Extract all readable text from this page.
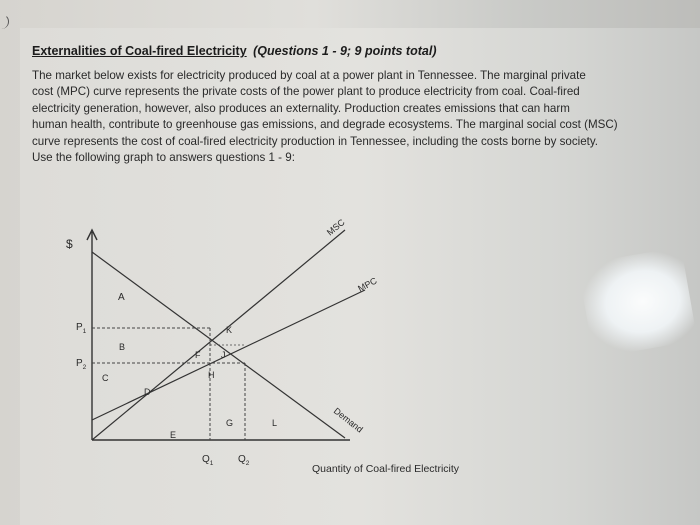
Externalities of Coal-fired Electricity (Questions 1 - 9; 9 points total)
The market below exists for electricity produced by coal at a power plant in Tennessee. The marginal private
cost (MPC) curve represents the private costs of the power plant to produce electricity from coal. Coal-fired
electricity generation, however, also produces an externality. Production creates emissions that can harm
human health, contribute to greenhouse gas emissions, and degrade ecosystems. The marginal social cost (MSC)
curve represents the cost of coal-fired electricity production in Tennessee, including the costs borne by society.
Use the following graph to answers questions 1 - 9:
$
Quantity of Coal-fired Electricity
MSC
MPC
Demand
$P_1$
$P_2$
$Q_1$ $Q_2$
A
B
C
D
E
F J
K
H
G	L
